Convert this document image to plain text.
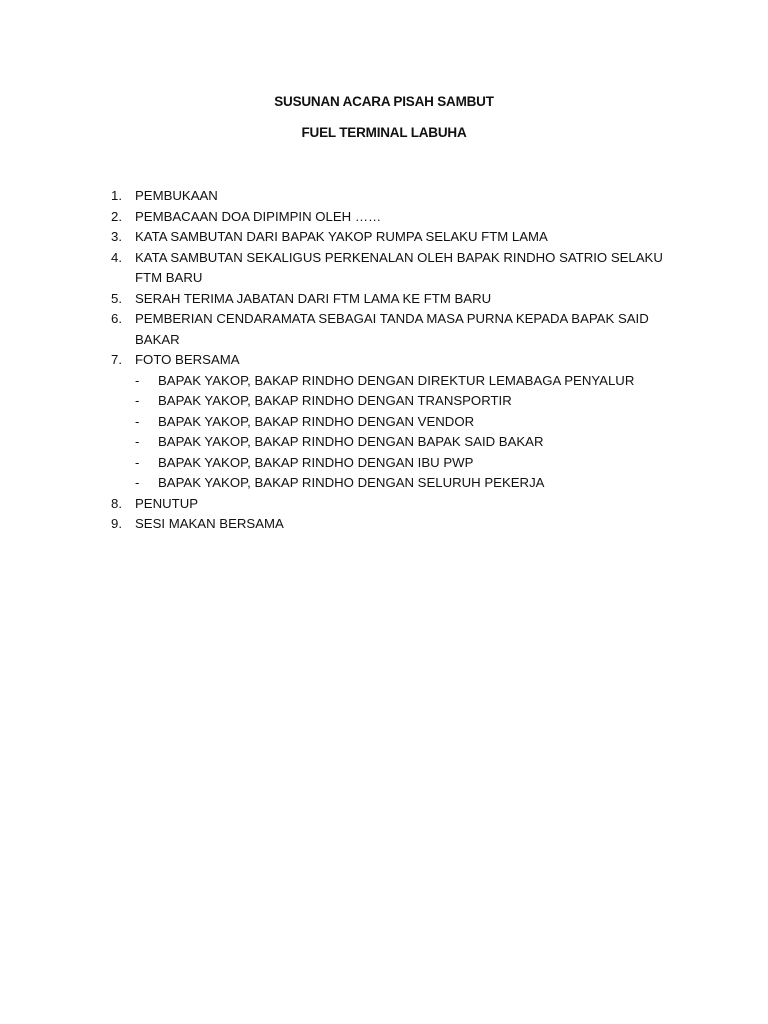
SUSUNAN ACARA PISAH SAMBUT
FUEL TERMINAL LABUHA
1. PEMBUKAAN
2. PEMBACAAN DOA DIPIMPIN OLEH ……
3. KATA SAMBUTAN DARI BAPAK YAKOP RUMPA SELAKU FTM LAMA
4. KATA SAMBUTAN SEKALIGUS PERKENALAN OLEH BAPAK RINDHO SATRIO SELAKU FTM BARU
5. SERAH TERIMA JABATAN DARI FTM LAMA KE FTM BARU
6. PEMBERIAN CENDARAMATA SEBAGAI TANDA MASA PURNA KEPADA BAPAK SAID BAKAR
7. FOTO BERSAMA
- BAPAK YAKOP, BAKAP RINDHO DENGAN DIREKTUR LEMABAGA PENYALUR
- BAPAK YAKOP, BAKAP RINDHO DENGAN TRANSPORTIR
- BAPAK YAKOP, BAKAP RINDHO DENGAN VENDOR
- BAPAK YAKOP, BAKAP RINDHO DENGAN BAPAK SAID BAKAR
- BAPAK YAKOP, BAKAP RINDHO DENGAN IBU PWP
- BAPAK YAKOP, BAKAP RINDHO DENGAN SELURUH PEKERJA
8. PENUTUP
9. SESI MAKAN BERSAMA
